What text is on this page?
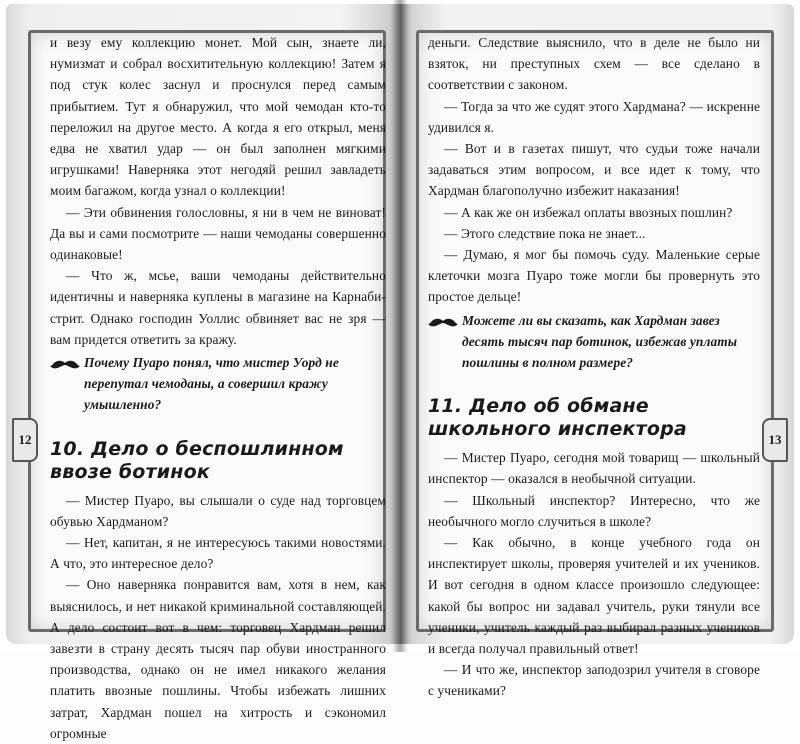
и везу ему коллекцию монет. Мой сын, знаете ли, нумизмат и собрал восхитительную коллекцию! Затем я под стук колес заснул и проснулся перед самым прибытием. Тут я обнаружил, что мой чемодан кто-то переложил на другое место. А когда я его открыл, меня едва не хватил удар — он был заполнен мягкими игрушками! Наверняка этот негодяй решил завладеть моим багажом, когда узнал о коллекции!

— Эти обвинения голословны, я ни в чем не виноват! Да вы и сами посмотрите — наши чемоданы совершенно одинаковые!

— Что ж, мсье, ваши чемоданы действительно идентичны и наверняка куплены в магазине на Карнаби-стрит. Однако господин Уоллис обвиняет вас не зря — вам придется ответить за кражу.

Почему Пуаро понял, что мистер Уорд не перепутал чемоданы, а совершил кражу умышленно?
10. Дело о беспошлинном ввозе ботинок

— Мистер Пуаро, вы слышали о суде над торговцем обувью Хардманом?

— Нет, капитан, я не интересуюсь такими новостями. А что, это интересное дело?

— Оно наверняка понравится вам, хотя в нем, как выяснилось, и нет никакой криминальной составляющей. А дело состоит вот в чем: торговец Хардман решил завезти в страну десять тысяч пар обуви иностранного производства, однако он не имел никакого желания платить ввозные пошлины. Чтобы избежать лишних затрат, Хардман пошел на хитрость и сэкономил огромные

деньги. Следствие выяснило, что в деле не было ни взяток, ни преступных схем — все сделано в соответствии с законом.

— Тогда за что же судят этого Хардмана? — искренне удивился я.

— Вот и в газетах пишут, что судьи тоже начали задаваться этим вопросом, и все идет к тому, что Хардман благополучно избежит наказания!

— А как же он избежал оплаты ввозных пошлин?

— Этого следствие пока не знает...

— Думаю, я мог бы помочь суду. Маленькие серые клеточки мозга Пуаро тоже могли бы провернуть это простое дельце!

Можете ли вы сказать, как Хардман завез десять тысяч пар ботинок, избежав уплаты пошлины в полном размере?
11. Дело об обмане школьного инспектора

— Мистер Пуаро, сегодня мой товарищ — школьный инспектор — оказался в необычной ситуации.

— Школьный инспектор? Интересно, что же необычного могло случиться в школе?

— Как обычно, в конце учебного года он инспектирует школы, проверяя учителей и их учеников. И вот сегодня в одном классе произошло следующее: какой бы вопрос ни задавал учитель, руки тянули все ученики, учитель каждый раз выбирал разных учеников и всегда получал правильный ответ!

— И что же, инспектор заподозрил учителя в сговоре с учениками?

12	13
